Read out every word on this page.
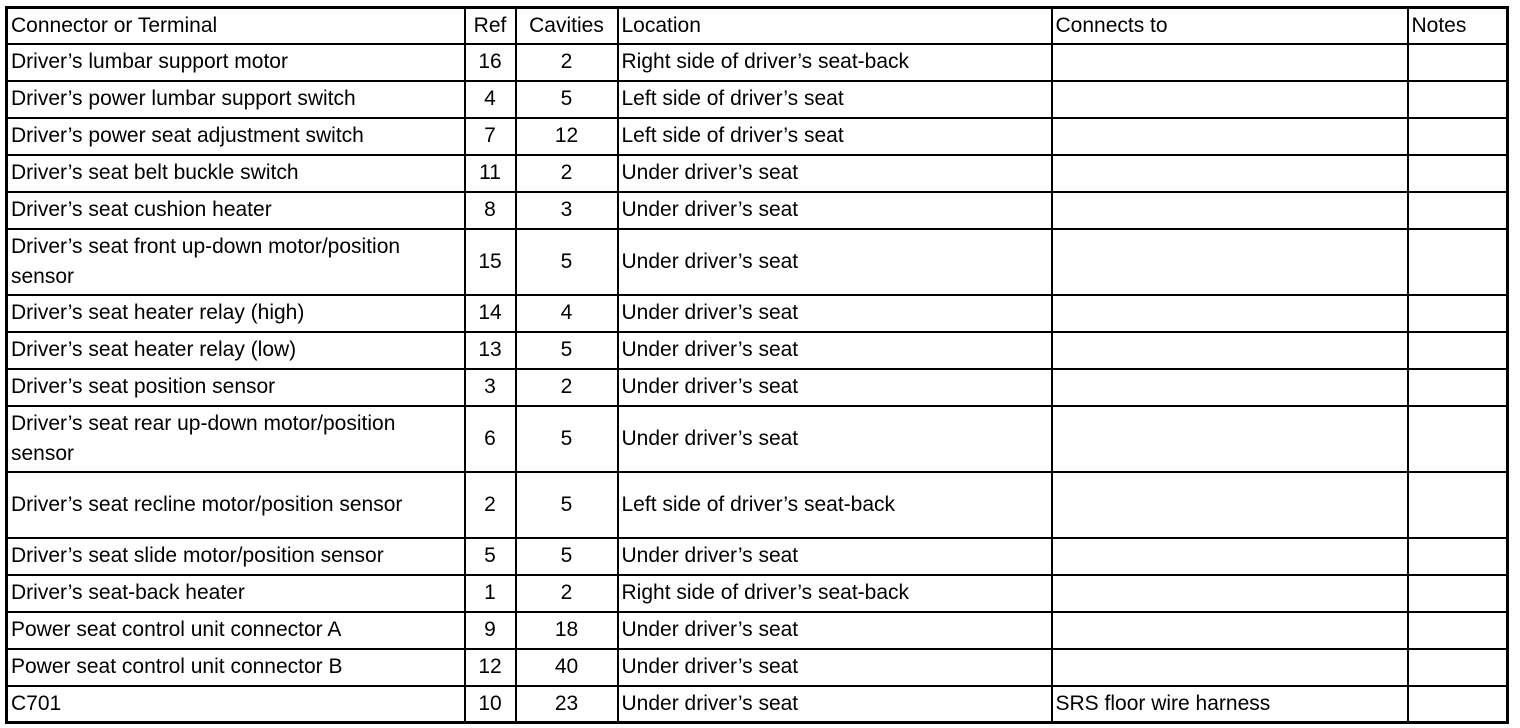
Connector or Terminal	Ref	Cavities	Location	Connects to	Notes
Driver’s lumbar support motor	16	2	Right side of driver’s seat-back		
Driver’s power lumbar support switch	4	5	Left side of driver’s seat		
Driver’s power seat adjustment switch	7	12	Left side of driver’s seat		
Driver’s seat belt buckle switch	11	2	Under driver’s seat		
Driver’s seat cushion heater	8	3	Under driver’s seat		
Driver’s seat front up-down motor/position sensor	15	5	Under driver’s seat		
Driver’s seat heater relay (high)	14	4	Under driver’s seat		
Driver’s seat heater relay (low)	13	5	Under driver’s seat		
Driver’s seat position sensor	3	2	Under driver’s seat		
Driver’s seat rear up-down motor/position sensor	6	5	Under driver’s seat		
Driver’s seat recline motor/position sensor	2	5	Left side of driver’s seat-back		
Driver’s seat slide motor/position sensor	5	5	Under driver’s seat		
Driver’s seat-back heater	1	2	Right side of driver’s seat-back		
Power seat control unit connector A	9	18	Under driver’s seat		
Power seat control unit connector B	12	40	Under driver’s seat		
C701	10	23	Under driver’s seat	SRS floor wire harness	
